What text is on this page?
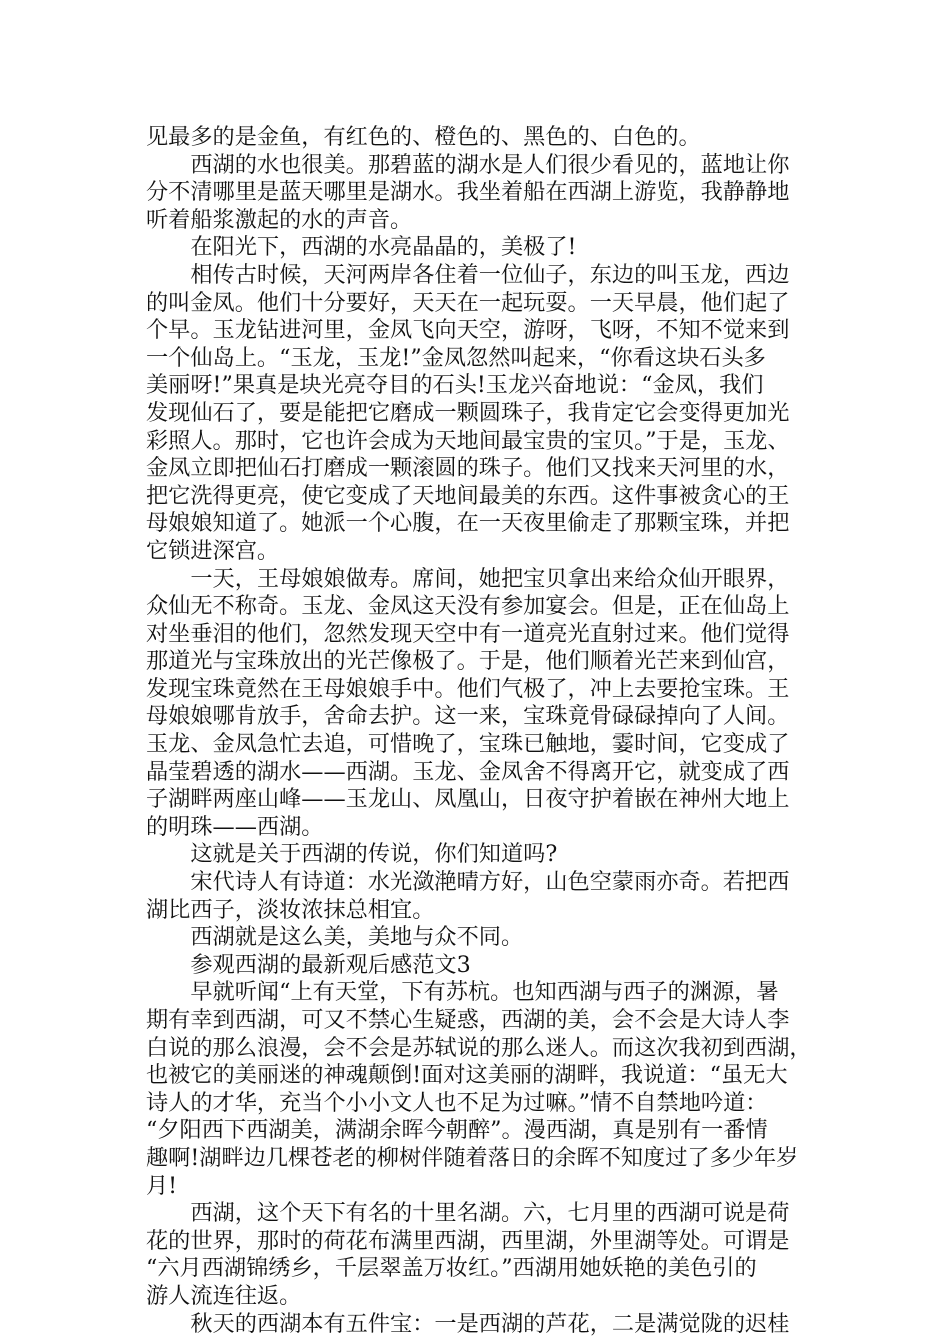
见最多的是金鱼，有红色的、橙色的、黑色的、白色的。
　　西湖的水也很美。那碧蓝的湖水是人们很少看见的，蓝地让你
分不清哪里是蓝天哪里是湖水。我坐着船在西湖上游览，我静静地
听着船浆激起的水的声音。
　　在阳光下，西湖的水亮晶晶的，美极了!
　　相传古时候，天河两岸各住着一位仙子，东边的叫玉龙，西边
的叫金凤。他们十分要好，天天在一起玩耍。一天早晨，他们起了
个早。玉龙钻进河里，金凤飞向天空，游呀，飞呀，不知不觉来到
一个仙岛上。“玉龙，玉龙!”金凤忽然叫起来，“你看这块石头多
美丽呀!”果真是块光亮夺目的石头!玉龙兴奋地说：“金凤，我们
发现仙石了，要是能把它磨成一颗圆珠子，我肯定它会变得更加光
彩照人。那时，它也许会成为天地间最宝贵的宝贝。”于是，玉龙、
金凤立即把仙石打磨成一颗滚圆的珠子。他们又找来天河里的水，
把它洗得更亮，使它变成了天地间最美的东西。这件事被贪心的王
母娘娘知道了。她派一个心腹，在一天夜里偷走了那颗宝珠，并把
它锁进深宫。
　　一天，王母娘娘做寿。席间，她把宝贝拿出来给众仙开眼界，
众仙无不称奇。玉龙、金凤这天没有参加宴会。但是，正在仙岛上
对坐垂泪的他们，忽然发现天空中有一道亮光直射过来。他们觉得
那道光与宝珠放出的光芒像极了。于是，他们顺着光芒来到仙宫，
发现宝珠竟然在王母娘娘手中。他们气极了，冲上去要抢宝珠。王
母娘娘哪肯放手，舍命去护。这一来，宝珠竟骨碌碌掉向了人间。
玉龙、金凤急忙去追，可惜晚了，宝珠已触地，霎时间，它变成了
晶莹碧透的湖水——西湖。玉龙、金凤舍不得离开它，就变成了西
子湖畔两座山峰——玉龙山、凤凰山，日夜守护着嵌在神州大地上
的明珠——西湖。
　　这就是关于西湖的传说，你们知道吗?
　　宋代诗人有诗道：水光潋滟晴方好，山色空蒙雨亦奇。若把西
湖比西子，淡妆浓抹总相宜。
　　西湖就是这么美，美地与众不同。
　　参观西湖的最新观后感范文3
　　早就听闻“上有天堂，下有苏杭。也知西湖与西子的渊源，暑
期有幸到西湖，可又不禁心生疑惑，西湖的美，会不会是大诗人李
白说的那么浪漫，会不会是苏轼说的那么迷人。而这次我初到西湖，
也被它的美丽迷的神魂颠倒!面对这美丽的湖畔，我说道：“虽无大
诗人的才华，充当个小小文人也不足为过嘛。”情不自禁地吟道：
“夕阳西下西湖美，满湖余晖今朝醉”。漫西湖，真是别有一番情
趣啊!湖畔边几棵苍老的柳树伴随着落日的余晖不知度过了多少年岁
月!
　　西湖，这个天下有名的十里名湖。六，七月里的西湖可说是荷
花的世界，那时的荷花布满里西湖，西里湖，外里湖等处。可谓是
“六月西湖锦绣乡，千层翠盖万妆红。”西湖用她妖艳的美色引的
游人流连往返。
　　秋天的西湖本有五件宝：一是西湖的芦花，二是满觉陇的迟桂
